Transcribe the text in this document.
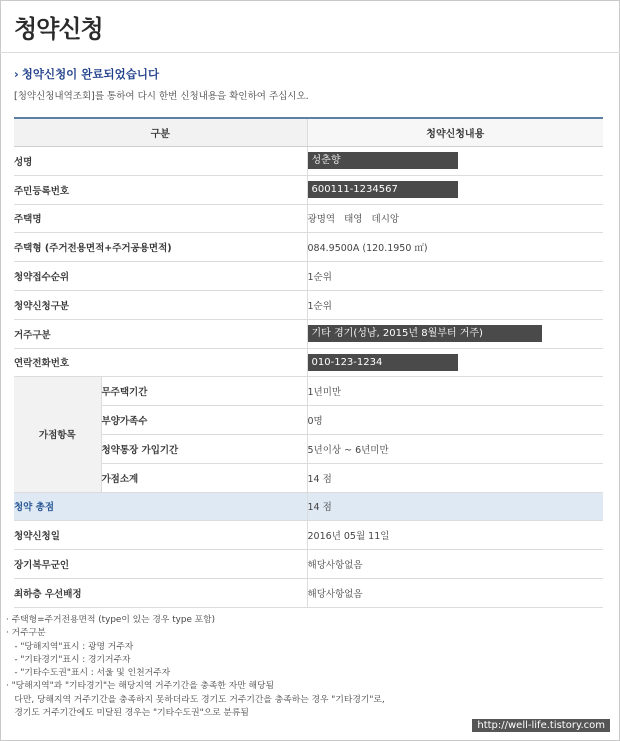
청약신청
› 청약신청이 완료되었습니다
[청약신청내역조회]를 통하여 다시 한번 신청내용을 확인하여 주십시오.
구분		청약신청내용
성명		성춘향
주민등록번호		600111-1234567
주택명		광명역   태영   데시앙
주택형 (주거전용면적+주거공용면적)		084.9500A (120.1950 ㎡)
청약접수순위		1순위
청약신청구분		1순위
거주구분		기타 경기(성남, 2015년 8월부터 거주)
연락전화번호		010-123-1234
가점항목	무주택기간	1년미만
	부양가족수	0명
	청약통장 가입기간	5년이상 ~ 6년미만
	가점소계	14 점
청약 총점		14 점
청약신청일		2016년 05월 11일
장기복무군인		해당사항없음
최하층 우선배정		해당사항없음
· 주택형=주거전용면적 (type이 있는 경우 type 포함)
· 거주구분
- "당해지역"표시 : 광명 거주자
- "기타경기"표시 : 경기거주자
- "기타수도권"표시 : 서울 및 인천거주자
· "당해지역"과 "기타경기"는 해당지역 거주기간을 충족한 자만 해당됨
다만, 당해지역 거주기간을 충족하지 못하더라도 경기도 거주기간을 충족하는 경우 "기타경기"로,
경기도 거주기간에도 미달된 경우는 "기타수도권"으로 분류됨
http://well-life.tistory.com
